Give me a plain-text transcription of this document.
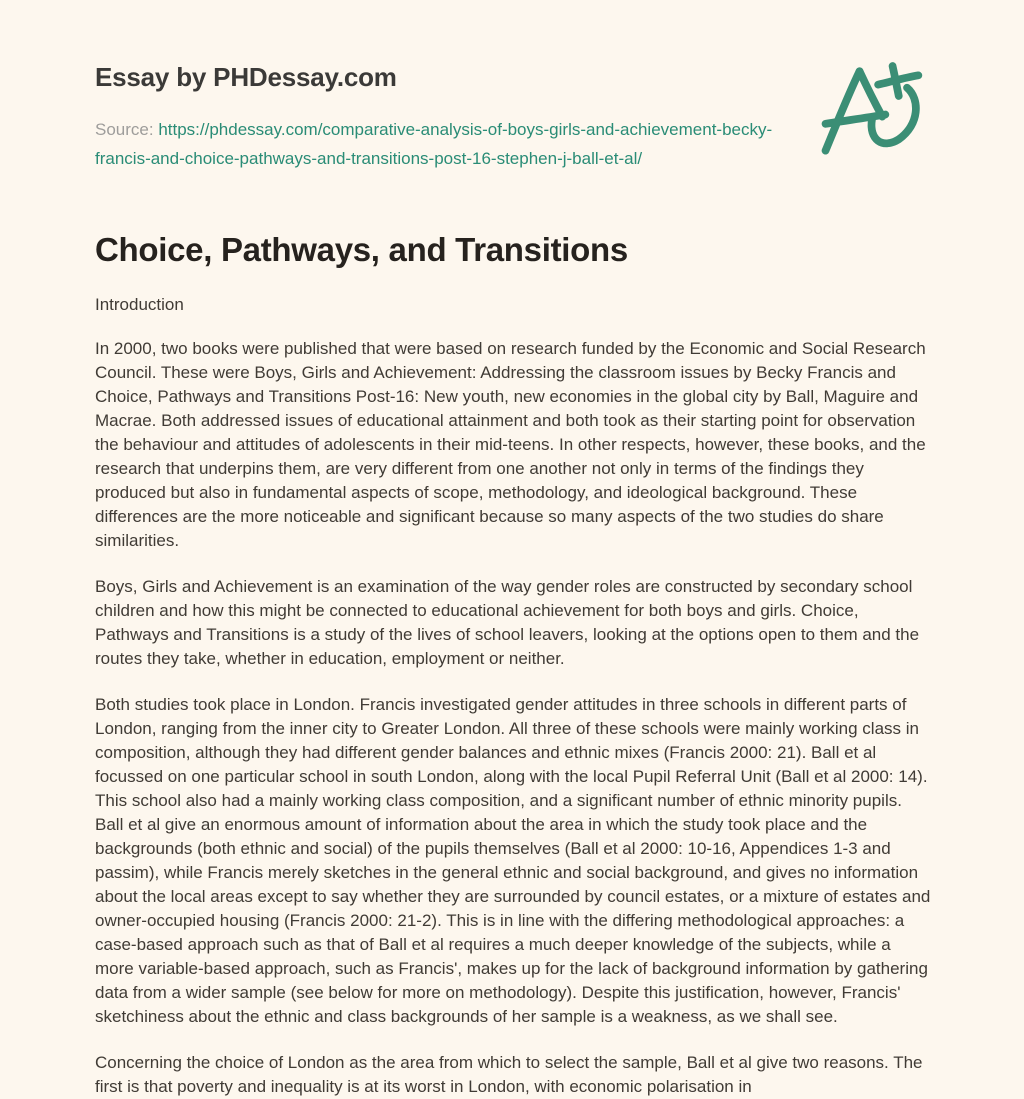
Essay by PHDessay.com
Source: https://phdessay.com/comparative-analysis-of-boys-girls-and-achievement-becky-francis-and-choice-pathways-and-transitions-post-16-stephen-j-ball-et-al/
Choice, Pathways, and Transitions
Introduction

In 2000, two books were published that were based on research funded by the Economic and Social Research Council. These were Boys, Girls and Achievement: Addressing the classroom issues by Becky Francis and Choice, Pathways and Transitions Post-16: New youth, new economies in the global city by Ball, Maguire and Macrae. Both addressed issues of educational attainment and both took as their starting point for observation the behaviour and attitudes of adolescents in their mid-teens. In other respects, however, these books, and the research that underpins them, are very different from one another not only in terms of the findings they produced but also in fundamental aspects of scope, methodology, and ideological background. These differences are the more noticeable and significant because so many aspects of the two studies do share similarities.

Boys, Girls and Achievement is an examination of the way gender roles are constructed by secondary school children and how this might be connected to educational achievement for both boys and girls. Choice, Pathways and Transitions is a study of the lives of school leavers, looking at the options open to them and the routes they take, whether in education, employment or neither.

Both studies took place in London. Francis investigated gender attitudes in three schools in different parts of London, ranging from the inner city to Greater London. All three of these schools were mainly working class in composition, although they had different gender balances and ethnic mixes (Francis 2000: 21). Ball et al focussed on one particular school in south London, along with the local Pupil Referral Unit (Ball et al 2000: 14). This school also had a mainly working class composition, and a significant number of ethnic minority pupils. Ball et al give an enormous amount of information about the area in which the study took place and the backgrounds (both ethnic and social) of the pupils themselves (Ball et al 2000: 10-16, Appendices 1-3 and passim), while Francis merely sketches in the general ethnic and social background, and gives no information about the local areas except to say whether they are surrounded by council estates, or a mixture of estates and owner-occupied housing (Francis 2000: 21-2). This is in line with the differing methodological approaches: a case-based approach such as that of Ball et al requires a much deeper knowledge of the subjects, while a more variable-based approach, such as Francis', makes up for the lack of background information by gathering data from a wider sample (see below for more on methodology). Despite this justification, however, Francis' sketchiness about the ethnic and class backgrounds of her sample is a weakness, as we shall see.

Concerning the choice of London as the area from which to select the sample, Ball et al give two reasons. The first is that poverty and inequality is at its worst in London, with economic polarisation in
